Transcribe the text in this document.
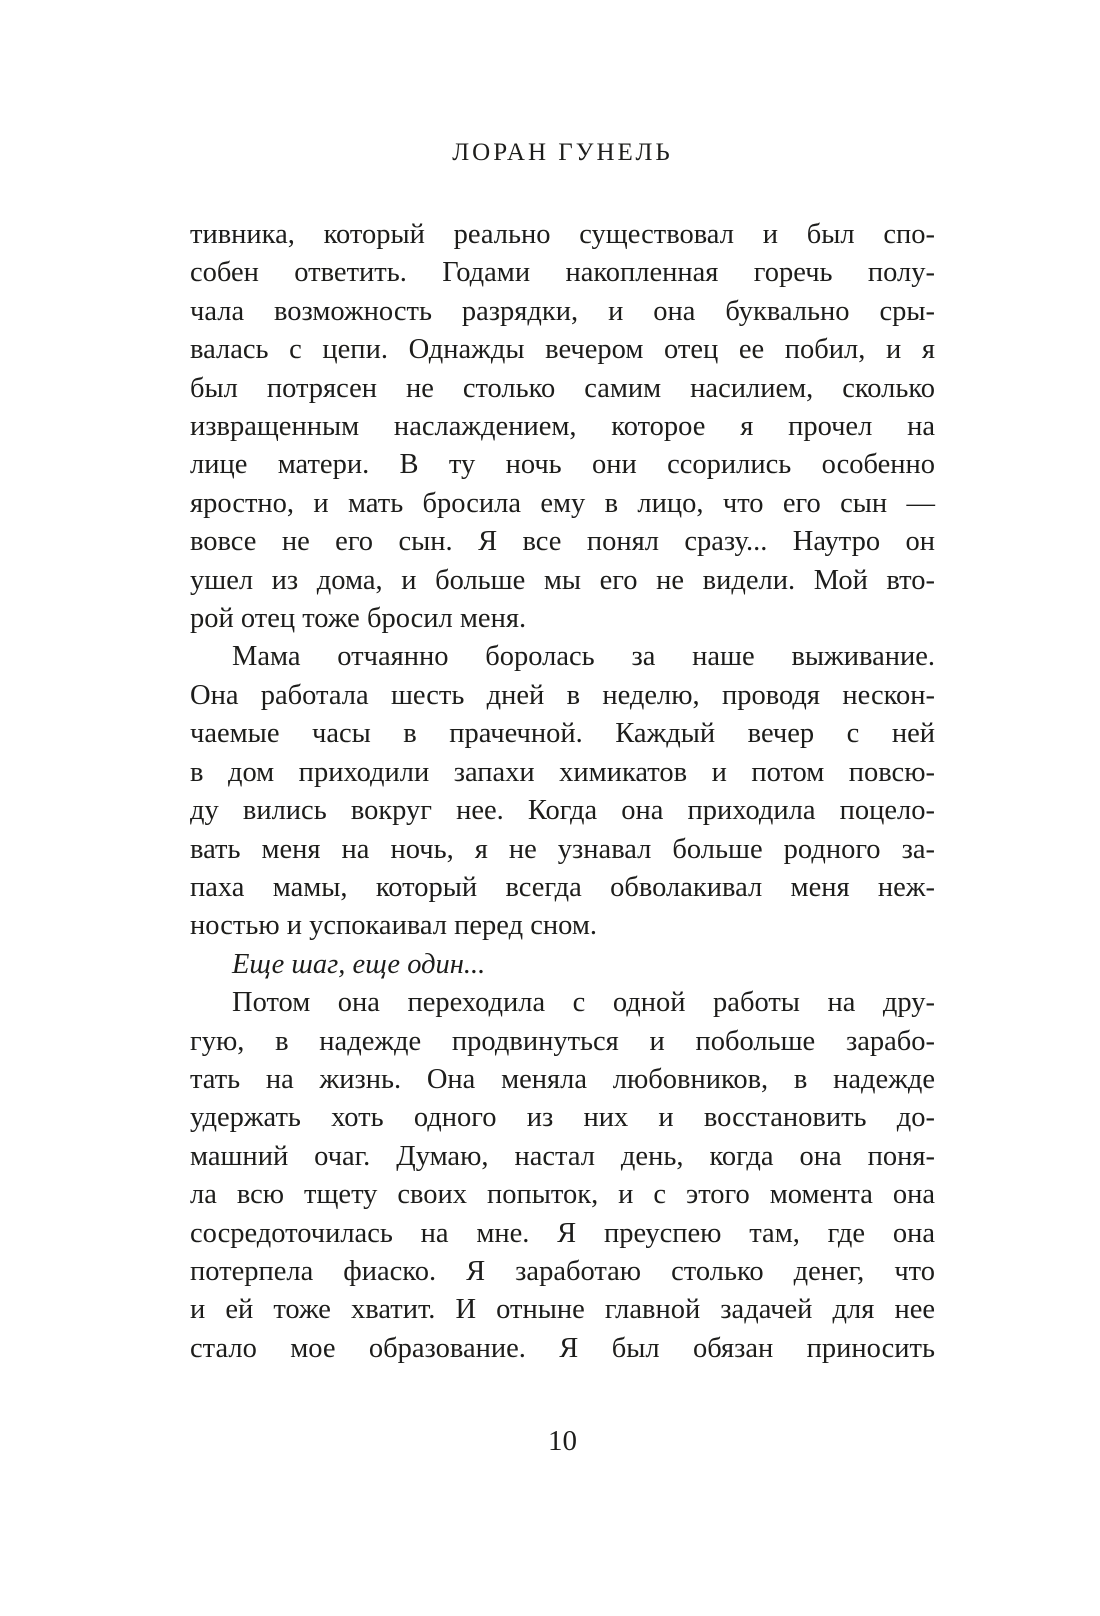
ЛОРАН ГУНЕЛЬ
тивника, который реально существовал и был спо-
собен ответить. Годами накопленная горечь полу-
чала возможность разрядки, и она буквально сры-
валась с цепи. Однажды вечером отец ее побил, и я
был потрясен не столько самим насилием, сколько
извращенным наслаждением, которое я прочел на
лице матери. В ту ночь они ссорились особенно
яростно, и мать бросила ему в лицо, что его сын —
вовсе не его сын. Я все понял сразу... Наутро он
ушел из дома, и больше мы его не видели. Мой вто-
рой отец тоже бросил меня.
Мама отчаянно боролась за наше выживание.
Она работала шесть дней в неделю, проводя нескон-
чаемые часы в прачечной. Каждый вечер с ней
в дом приходили запахи химикатов и потом повсю-
ду вились вокруг нее. Когда она приходила поцело-
вать меня на ночь, я не узнавал больше родного за-
паха мамы, который всегда обволакивал меня неж-
ностью и успокаивал перед сном.
Еще шаг, еще один...
Потом она переходила с одной работы на дру-
гую, в надежде продвинуться и побольше зарабо-
тать на жизнь. Она меняла любовников, в надежде
удержать хоть одного из них и восстановить до-
машний очаг. Думаю, настал день, когда она поня-
ла всю тщету своих попыток, и с этого момента она
сосредоточилась на мне. Я преуспею там, где она
потерпела фиаско. Я заработаю столько денег, что
и ей тоже хватит. И отныне главной задачей для нее
стало мое образование. Я был обязан приносить
10
